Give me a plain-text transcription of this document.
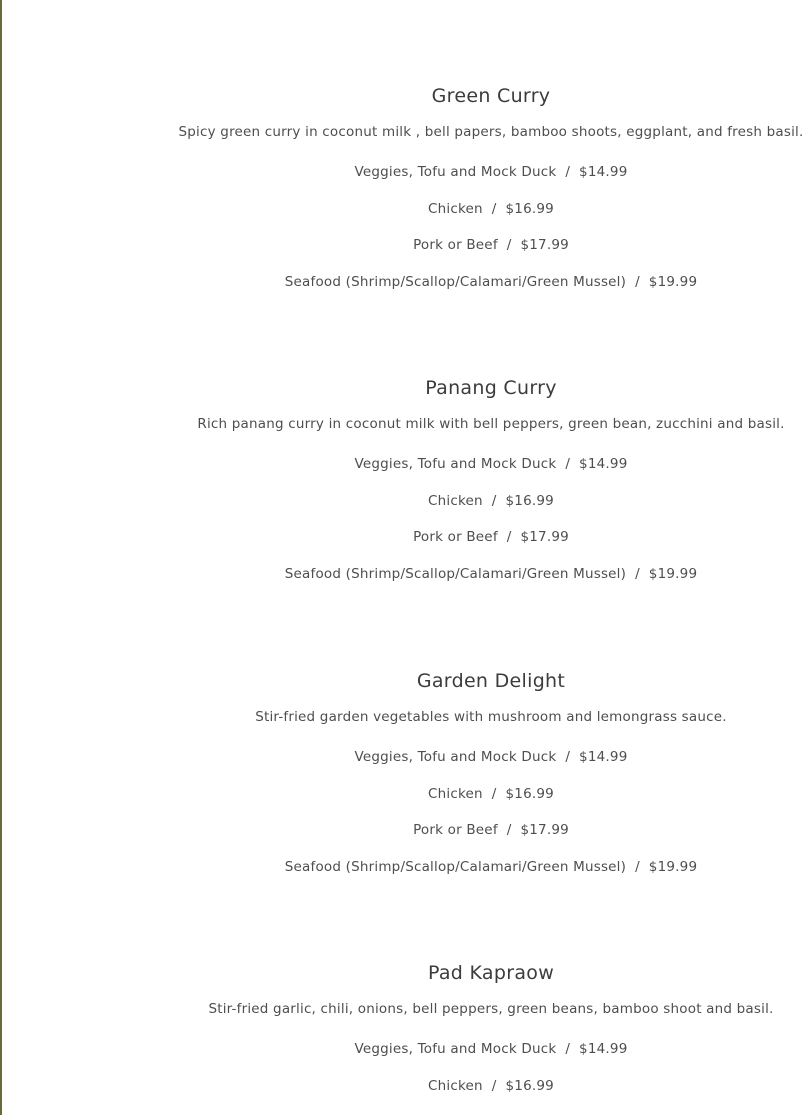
Green Curry
Spicy green curry in coconut milk , bell papers, bamboo shoots, eggplant, and fresh basil.
Veggies, Tofu and Mock Duck  /  $14.99
Chicken  /  $16.99
Pork or Beef  /  $17.99
Seafood (Shrimp/Scallop/Calamari/Green Mussel)  /  $19.99
Panang Curry
Rich panang curry in coconut milk with bell peppers, green bean, zucchini and basil.
Veggies, Tofu and Mock Duck  /  $14.99
Chicken  /  $16.99
Pork or Beef  /  $17.99
Seafood (Shrimp/Scallop/Calamari/Green Mussel)  /  $19.99
Garden Delight
Stir-fried garden vegetables with mushroom and lemongrass sauce.
Veggies, Tofu and Mock Duck  /  $14.99
Chicken  /  $16.99
Pork or Beef  /  $17.99
Seafood (Shrimp/Scallop/Calamari/Green Mussel)  /  $19.99
Pad Kapraow
Stir-fried garlic, chili, onions, bell peppers, green beans, bamboo shoot and basil.
Veggies, Tofu and Mock Duck  /  $14.99
Chicken  /  $16.99
